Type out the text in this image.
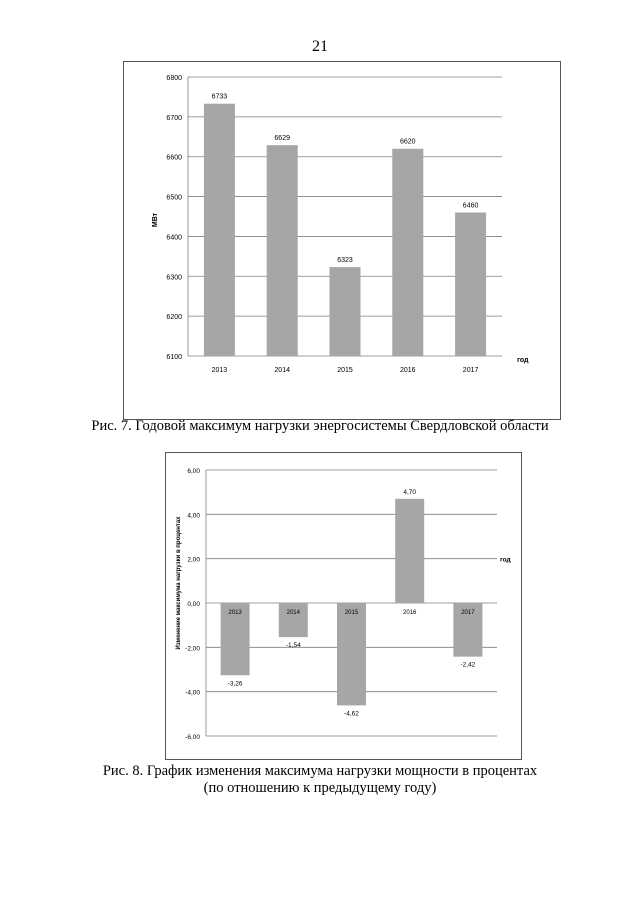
21
6800
6700
6600
6500
6400
6300
6200
6100
6733
2013
6629
2014
6323
2015
6620
2016
6460
2017
год
МВт
Рис. 7. Годовой максимум нагрузки энергосистемы Свердловской области
6,00
4,00
2,00
0,00
-2,00
-4,00
-6,00
-3,26
2013
-1,54
2014
-4,62
2015
4,70
2016
-2,42
2017
год
Изменение максимума нагрузки в процентах
Рис. 8. График изменения максимума нагрузки мощности в процентах
(по отношению к предыдущему году)
